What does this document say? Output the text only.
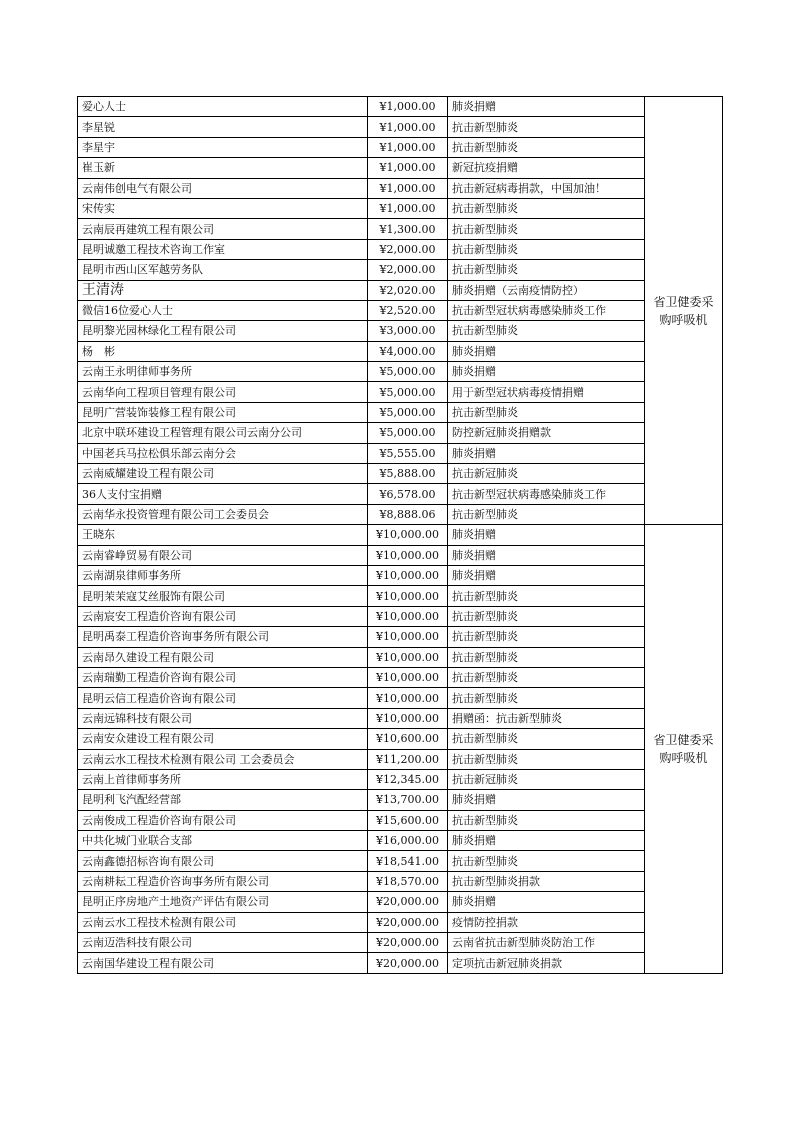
爱心人士	¥1,000.00	肺炎捐赠	省卫健委采购呼吸机
李星锐	¥1,000.00	抗击新型肺炎	
李星宇	¥1,000.00	抗击新型肺炎	
崔玉新	¥1,000.00	新冠抗疫捐赠	
云南伟创电气有限公司	¥1,000.00	抗击新冠病毒捐款，中国加油！	
宋传实	¥1,000.00	抗击新型肺炎	
云南辰再建筑工程有限公司	¥1,300.00	抗击新型肺炎	
昆明诚邀工程技术咨询工作室	¥2,000.00	抗击新型肺炎	
昆明市西山区军越劳务队	¥2,000.00	抗击新型肺炎	
王清涛	¥2,020.00	肺炎捐赠（云南疫情防控）	
微信16位爱心人士	¥2,520.00	抗击新型冠状病毒感染肺炎工作	
昆明黎光园林绿化工程有限公司	¥3,000.00	抗击新型肺炎	
杨　彬	¥4,000.00	肺炎捐赠	
云南王永明律师事务所	¥5,000.00	肺炎捐赠	
云南华向工程项目管理有限公司	¥5,000.00	用于新型冠状病毒疫情捐赠	
昆明广营装饰装修工程有限公司	¥5,000.00	抗击新型肺炎	
北京中联环建设工程管理有限公司云南分公司	¥5,000.00	防控新冠肺炎捐赠款	
中国老兵马拉松俱乐部云南分会	¥5,555.00	肺炎捐赠	
云南威耀建设工程有限公司	¥5,888.00	抗击新冠肺炎	
36人支付宝捐赠	¥6,578.00	抗击新型冠状病毒感染肺炎工作	
云南华永投资管理有限公司工会委员会	¥8,888.06	抗击新型肺炎	
王晓东	¥10,000.00	肺炎捐赠	省卫健委采购呼吸机
云南睿峥贸易有限公司	¥10,000.00	肺炎捐赠	
云南湖泉律师事务所	¥10,000.00	肺炎捐赠	
昆明茉茉寇艾丝服饰有限公司	¥10,000.00	抗击新型肺炎	
云南宸安工程造价咨询有限公司	¥10,000.00	抗击新型肺炎	
昆明禹泰工程造价咨询事务所有限公司	¥10,000.00	抗击新型肺炎	
云南昂久建设工程有限公司	¥10,000.00	抗击新型肺炎	
云南瑞勤工程造价咨询有限公司	¥10,000.00	抗击新型肺炎	
昆明云信工程造价咨询有限公司	¥10,000.00	抗击新型肺炎	
云南远锦科技有限公司	¥10,000.00	捐赠函：抗击新型肺炎	
云南安众建设工程有限公司	¥10,600.00	抗击新型肺炎	
云南云水工程技术检测有限公司 工会委员会	¥11,200.00	抗击新型肺炎	
云南上首律师事务所	¥12,345.00	抗击新冠肺炎	
昆明利飞汽配经营部	¥13,700.00	肺炎捐赠	
云南俊成工程造价咨询有限公司	¥15,600.00	抗击新型肺炎	
中共化城门业联合支部	¥16,000.00	肺炎捐赠	
云南鑫德招标咨询有限公司	¥18,541.00	抗击新型肺炎	
云南耕耘工程造价咨询事务所有限公司	¥18,570.00	抗击新型肺炎捐款	
昆明正序房地产土地资产评估有限公司	¥20,000.00	肺炎捐赠	
云南云水工程技术检测有限公司	¥20,000.00	疫情防控捐款	
云南迈浩科技有限公司	¥20,000.00	云南省抗击新型肺炎防治工作	
云南国华建设工程有限公司	¥20,000.00	定项抗击新冠肺炎捐款	
